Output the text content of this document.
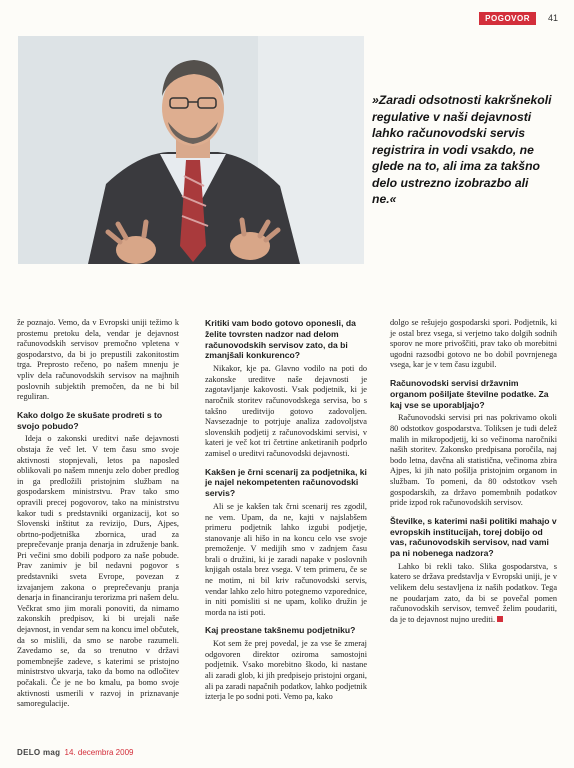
POGOVOR	41
»Zaradi odsotnosti kakršnekoli regulative v naši dejavnosti lahko računovodski servis registrira in vodi vsakdo, ne glede na to, ali ima za takšno delo ustrezno izobrazbo ali ne.«

že poznajo. Vemo, da v Evropski uniji težimo k prostemu pretoku dela, vendar je dejavnost računovodskih servisov premočno vpletena v gospodarstvo, da bi jo prepustili zakonitostim trga. Preprosto rečeno, po našem mnenju je vpliv dela računovodskih servisov na majhnih poslovnih subjektih premočen, da ne bi bil reguliran.

Kako dolgo že skušate prodreti s to svojo pobudo?

Ideja o zakonski ureditvi naše dejavnosti obstaja že več let. V tem času smo svoje aktivnosti stopnjevali, letos pa naposled oblikovali po našem mnenju zelo dober predlog in ga predložili pristojnim službam na gospodarskem ministrstvu. Prav tako smo opravili precej pogovorov, tako na ministrstvu kakor tudi s predstavniki organizacij, kot so Slovenski inštitut za revizijo, Durs, Ajpes, obrtno-podjetniška zbornica, urad za preprečevanje pranja denarja in združenje bank. Pri večini smo dobili podporo za naše pobude. Prav zanimiv je bil nedavni pogovor s predstavniki sveta Evrope, povezan z izvajanjem zakona o preprečevanju pranja denarja in financiranju terorizma pri našem delu. Večkrat smo jim morali ponoviti, da nimamo zakonskih predpisov, ki bi urejali naše dejavnost, in vendar sem na koncu imel občutek, da so mislili, da smo se narobe razumeli. Zavedamo se, da so trenutno v državi pomembnejše zadeve, s katerimi se pristojno ministrstvo ukvarja, tako da bomo na odločitev počakali. Če je ne bo kmalu, pa bomo svoje aktivnosti usmerili v razvoj in priznavanje samoregulacije.

Kritiki vam bodo gotovo oponesli, da želite tovrsten nadzor nad delom računovodskih servisov zato, da bi zmanjšali konkurenco?

Nikakor, kje pa. Glavno vodilo na poti do zakonske ureditve naše dejavnosti je zagotavljanje kakovosti. Vsak podjetnik, ki je naročnik storitev računovodskega servisa, bo s takšno ureditvijo gotovo zadovoljen. Navsezadnje to potrjuje analiza zadovoljstva slovenskih podjetij z računovodskimi servisi, v kateri je več kot tri četrtine anketiranih podprlo zamisel o ureditvi računovodski dejavnosti.

Kakšen je črni scenarij za podjetnika, ki je najel nekompetenten računovodski servis?

Ali se je kakšen tak črni scenarij res zgodil, ne vem. Upam, da ne, kajti v najslabšem primeru podjetnik lahko izgubi podjetje, stanovanje ali hišo in na koncu celo vse svoje premoženje. V medijih smo v zadnjem času brali o družini, ki je zaradi napake v poslovnih knjigah ostala brez vsega. V tem primeru, če se ne motim, ni bil kriv računovodski servis, vendar lahko zelo hitro potegnemo vzporednice, in niti pomisliti si ne upam, koliko družin je morda na isti poti.

Kaj preostane takšnemu podjetniku?

Kot sem že prej povedal, je za vse še zmeraj odgovoren direktor oziroma samostojni podjetnik. Vsako morebitno škodo, ki nastane ali zaradi glob, ki jih predpisejo pristojni organi, ali pa zaradi napačnih podatkov, lahko podjetnik izterja le po sodni poti. Vemo pa, kako

dolgo se rešujejo gospodarski spori. Podjetnik, ki je ostal brez vsega, si verjetno tako dolgih sodnih sporov ne more privoščiti, prav tako ob morebitni ugodni razsodbi gotovo ne bo dobil povrnjenega vsega, kar je v tem času izgubil.

Računovodski servisi državnim organom pošiljate številne podatke. Za kaj vse se uporabljajo?

Računovodski servisi pri nas pokrivamo okoli 80 odstotkov gospodarstva. Toliksen je tudi delež malih in mikropodjetij, ki so večinoma naročniki naših storitev. Zakonsko predpisana poročila, naj bodo letna, davčna ali statistična, večinoma zbira Ajpes, ki jih nato pošilja pristojnim organom in službam. To pomeni, da 80 odstotkov vseh gospodarskih, za državo pomembnih podatkov pride izpod rok računovodskih servisov.

Številke, s katerimi naši politiki mahajo v evropskih institucijah, torej dobijo od vas, računovodskih servisov, nad vami pa ni nobenega nadzora?

Lahko bi rekli tako. Slika gospodarstva, s katero se država predstavlja v Evropski uniji, je v velikem delu sestavljena iz naših podatkov. Tega ne poudarjam zato, da bi se povečal pomen računovodskih servisov, temveč želim poudariti, da je to dejavnost nujno urediti.

DELO mag 14. decembra 2009
